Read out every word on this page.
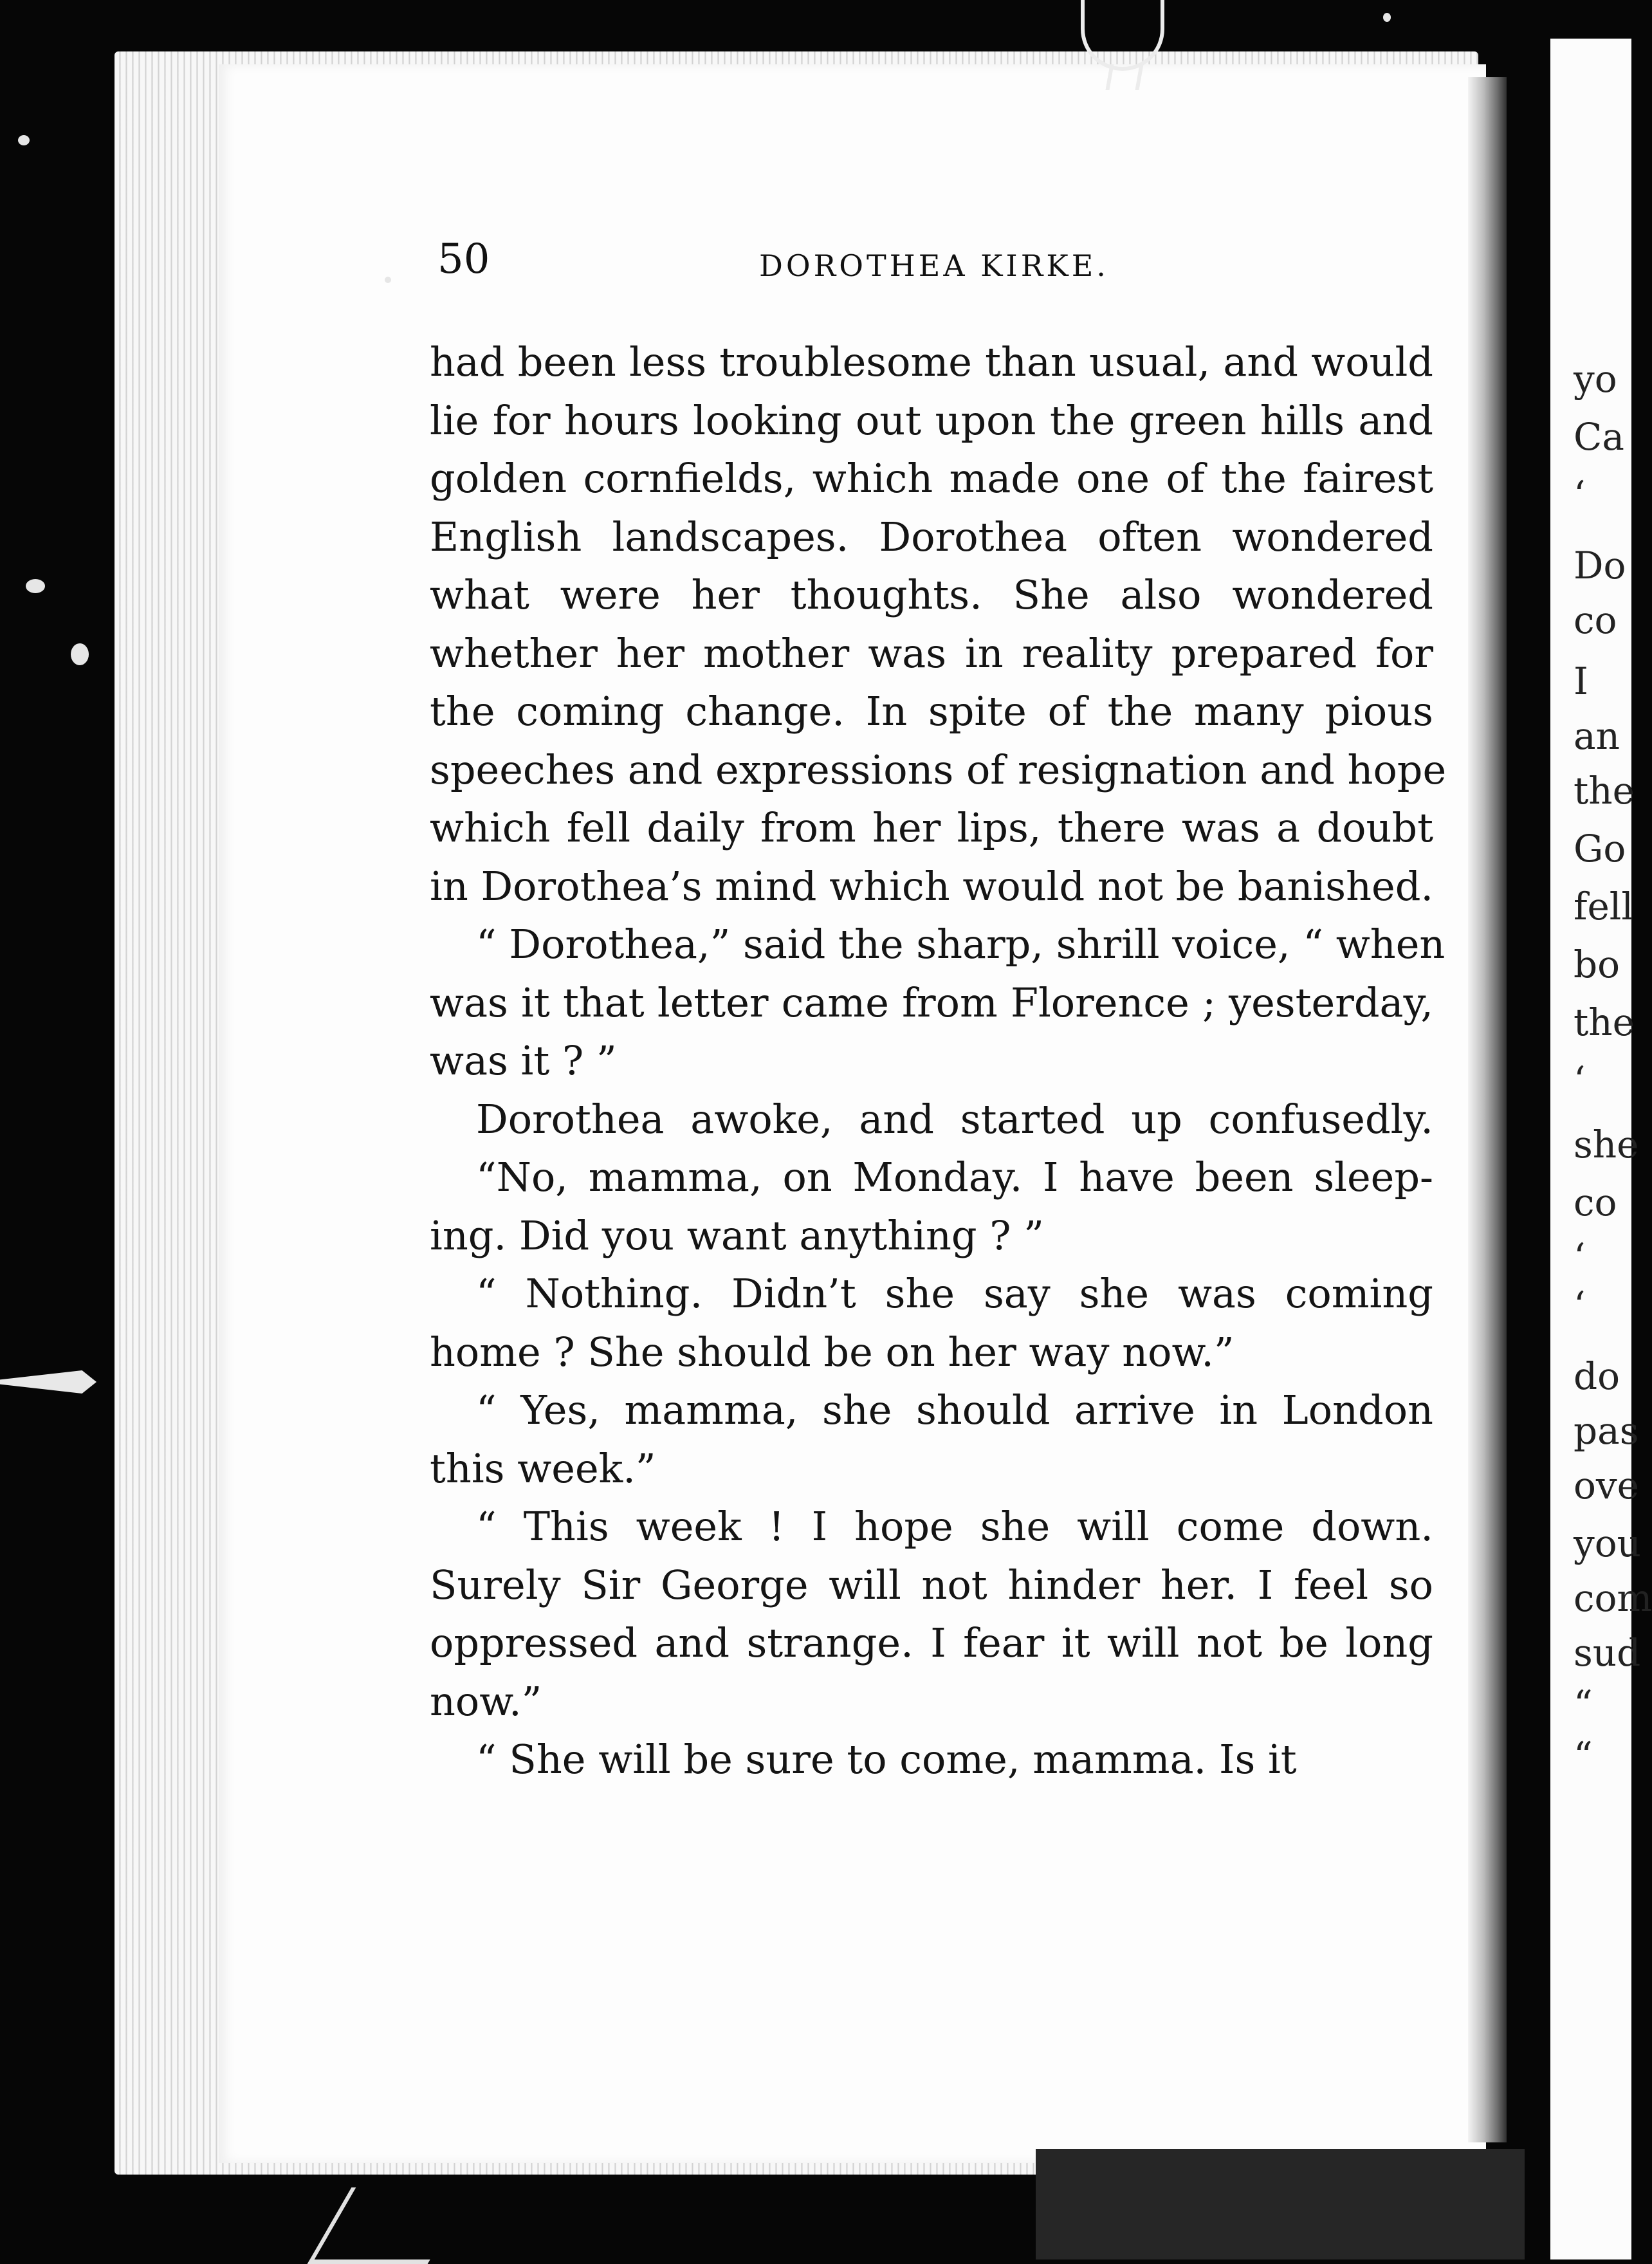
yo
Ca
‘
Do
co
I
an
the
Go
fell
bo
the
‘
she
co
‘
‘
do
pas
ove
you
com
sud
“
“
50	DOROTHEA KIRKE.
had been less troublesome than usual, and would
lie for hours looking out upon the green hills and
golden cornfields, which made one of the fairest
English landscapes. Dorothea often wondered
what were her thoughts. She also wondered
whether her mother was in reality prepared for
the coming change. In spite of the many pious
speeches and expressions of resignation and hope
which fell daily from her lips, there was a doubt
in Dorothea’s mind which would not be banished.
“ Dorothea,” said the sharp, shrill voice, “ when
was it that letter came from Florence ; yesterday,
was it ? ”
Dorothea awoke, and started up confusedly.
“No, mamma, on Monday. I have been sleep-
ing. Did you want anything ? ”
“ Nothing. Didn’t she say she was coming
home ? She should be on her way now.”
“ Yes, mamma, she should arrive in London
this week.”
“ This week ! I hope she will come down.
Surely Sir George will not hinder her. I feel so
oppressed and strange. I fear it will not be long
now.”
“ She will be sure to come, mamma. Is it
